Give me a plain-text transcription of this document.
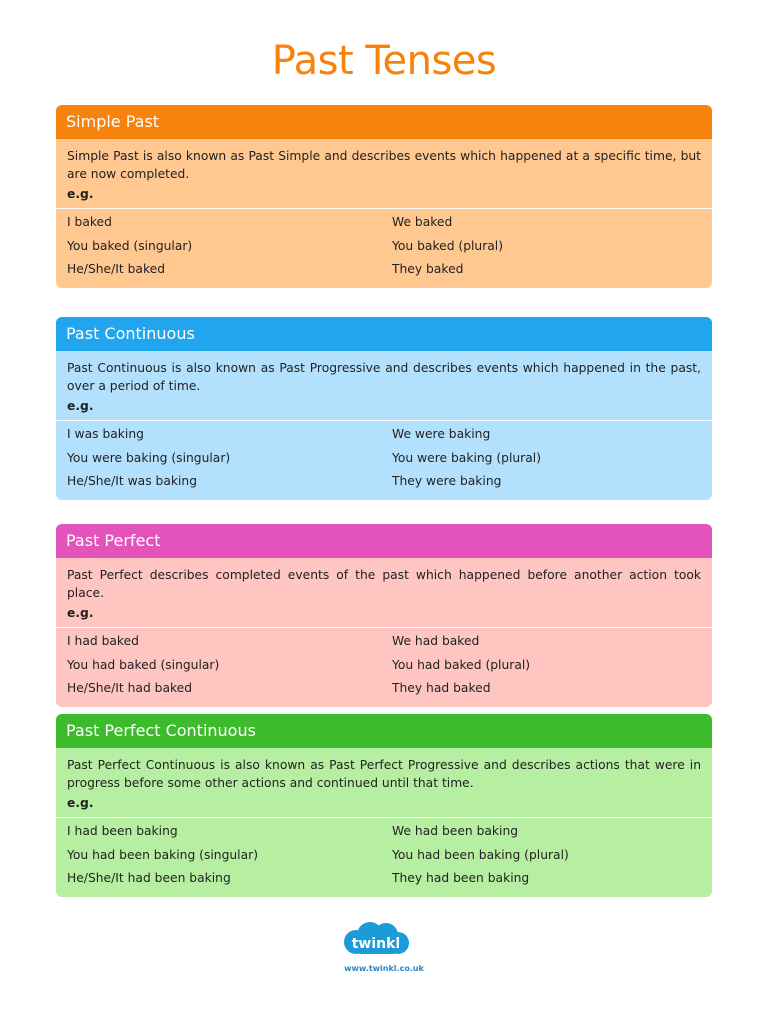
Past Tenses
Simple Past
Simple Past is also known as Past Simple and describes events which happened at a specific time, but are now completed.
e.g.
I baked	We baked
You baked (singular)	You baked (plural)
He/She/It baked	They baked
Past Continuous
Past Continuous is also known as Past Progressive and describes events which happened in the past, over a period of time.
e.g.
I was baking	We were baking
You were baking (singular)	You were baking (plural)
He/She/It was baking	They were baking
Past Perfect
Past Perfect describes completed events of the past which happened before another action took place.
e.g.
I had baked	We had baked
You had baked (singular)	You had baked (plural)
He/She/It had baked	They had baked
Past Perfect Continuous
Past Perfect Continuous is also known as Past Perfect Progressive and describes actions that were in progress before some other actions and continued until that time.
e.g.
I had been baking	We had been baking
You had been baking (singular)	You had been baking (plural)
He/She/It had been baking	They had been baking
twinkl
www.twinkl.co.uk
